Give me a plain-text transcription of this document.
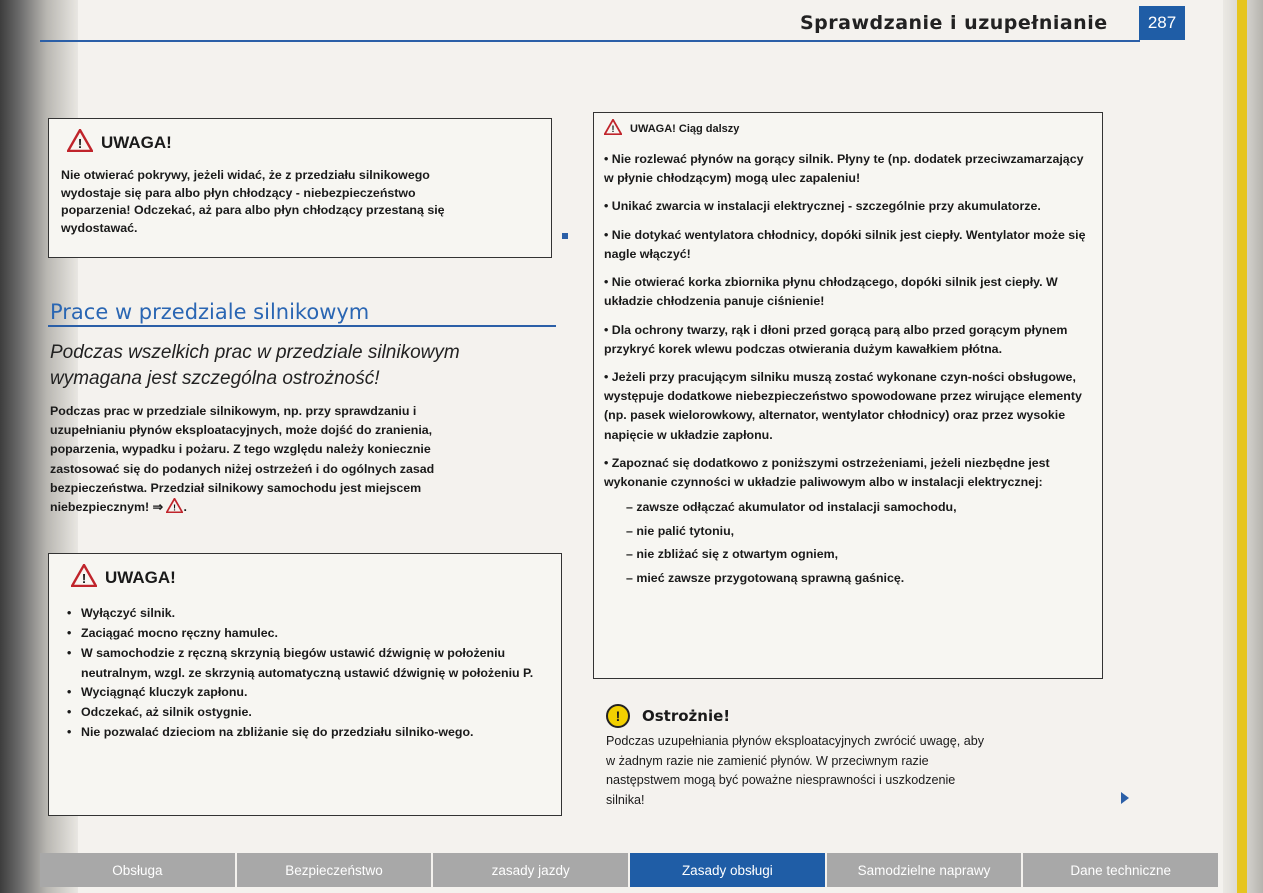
Sprawdzanie i uzupełnianie	287
! UWAGA!
Nie otwierać pokrywy, jeżeli widać, że z przedziału silnikowego
wydostaje się para albo płyn chłodzący - niebezpieczeństwo
poparzenia! Odczekać, aż para albo płyn chłodzący przestaną się
wydostawać.
Prace w przedziale silnikowym
Podczas wszelkich prac w przedziale silnikowym
wymagana jest szczególna ostrożność!
Podczas prac w przedziale silnikowym, np. przy sprawdzaniu i
uzupełnianiu płynów eksploatacyjnych, może dojść do zranienia,
poparzenia, wypadku i pożaru. Z tego względu należy koniecznie
zastosować się do podanych niżej ostrzeżeń i do ogólnych zasad
bezpieczeństwa. Przedział silnikowy samochodu jest miejscem
niebezpiecznym! ⇒ ! .
! UWAGA!
• Wyłączyć silnik.
• Zaciągać mocno ręczny hamulec.
• W samochodzie z ręczną skrzynią biegów ustawić dźwignię w położeniu neutralnym, wzgl. ze skrzynią automatyczną ustawić dźwignię w położeniu P.
• Wyciągnąć kluczyk zapłonu.
• Odczekać, aż silnik ostygnie.
• Nie pozwalać dzieciom na zbliżanie się do przedziału silniko-wego.
! UWAGA! Ciąg dalszy
• Nie rozlewać płynów na gorący silnik. Płyny te (np. dodatek przeciwzamarzający w płynie chłodzącym) mogą ulec zapaleniu!
• Unikać zwarcia w instalacji elektrycznej - szczególnie przy akumulatorze.
• Nie dotykać wentylatora chłodnicy, dopóki silnik jest ciepły. Wentylator może się nagle włączyć!
• Nie otwierać korka zbiornika płynu chłodzącego, dopóki silnik jest ciepły. W układzie chłodzenia panuje ciśnienie!
• Dla ochrony twarzy, rąk i dłoni przed gorącą parą albo przed gorącym płynem przykryć korek wlewu podczas otwierania dużym kawałkiem płótna.
• Jeżeli przy pracującym silniku muszą zostać wykonane czyn-ności obsługowe, występuje dodatkowe niebezpieczeństwo spowodowane przez wirujące elementy (np. pasek wielorowkowy, alternator, wentylator chłodnicy) oraz przez wysokie napięcie w układzie zapłonu.
• Zapoznać się dodatkowo z poniższymi ostrzeżeniami, jeżeli niezbędne jest wykonanie czynności w układzie paliwowym albo w instalacji elektrycznej:
– zawsze odłączać akumulator od instalacji samochodu,
– nie palić tytoniu,
– nie zbliżać się z otwartym ogniem,
– mieć zawsze przygotowaną sprawną gaśnicę.
!	Ostrożnie!
Podczas uzupełniania płynów eksploatacyjnych zwrócić uwagę, aby
w żadnym razie nie zamienić płynów. W przeciwnym razie
następstwem mogą być poważne niesprawności i uszkodzenie
silnika!
Obsługa	Bezpieczeństwo	zasady jazdy	Zasady obsługi	Samodzielne naprawy	Dane techniczne
